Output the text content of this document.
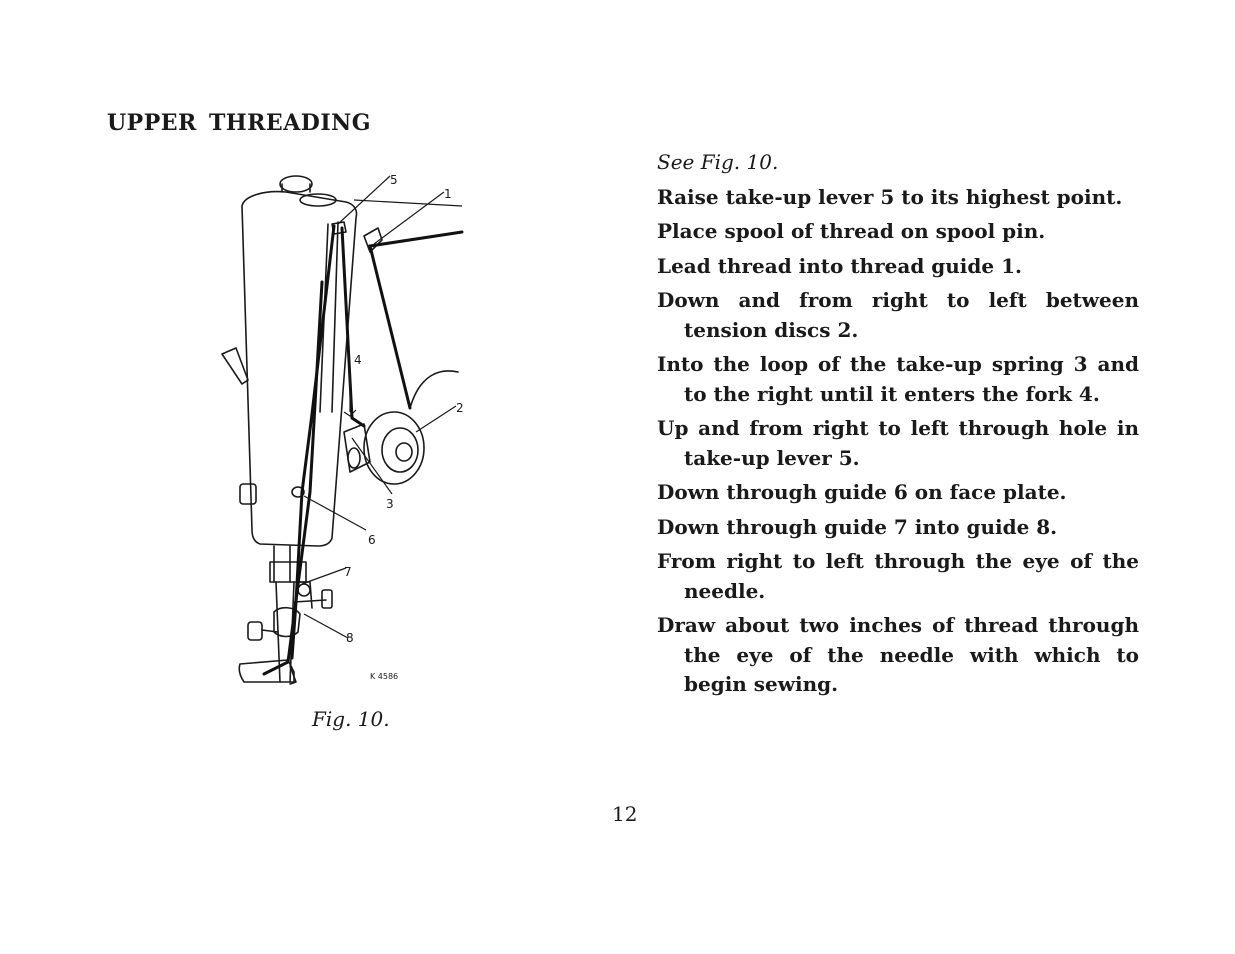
UPPER THREADING
5
1
4
2
3
6
7
8
K 4586
Fig. 10.

See Fig. 10.

Raise take-up lever 5 to its highest point.

Place spool of thread on spool pin.

Lead thread into thread guide 1.

Down and from right to left between tension discs 2.

Into the loop of the take-up spring 3 and to the right until it enters the fork 4.

Up and from right to left through hole in take-up lever 5.

Down through guide 6 on face plate.

Down through guide 7 into guide 8.

From right to left through the eye of the needle.

Draw about two inches of thread through the eye of the needle with which to begin sewing.

12
